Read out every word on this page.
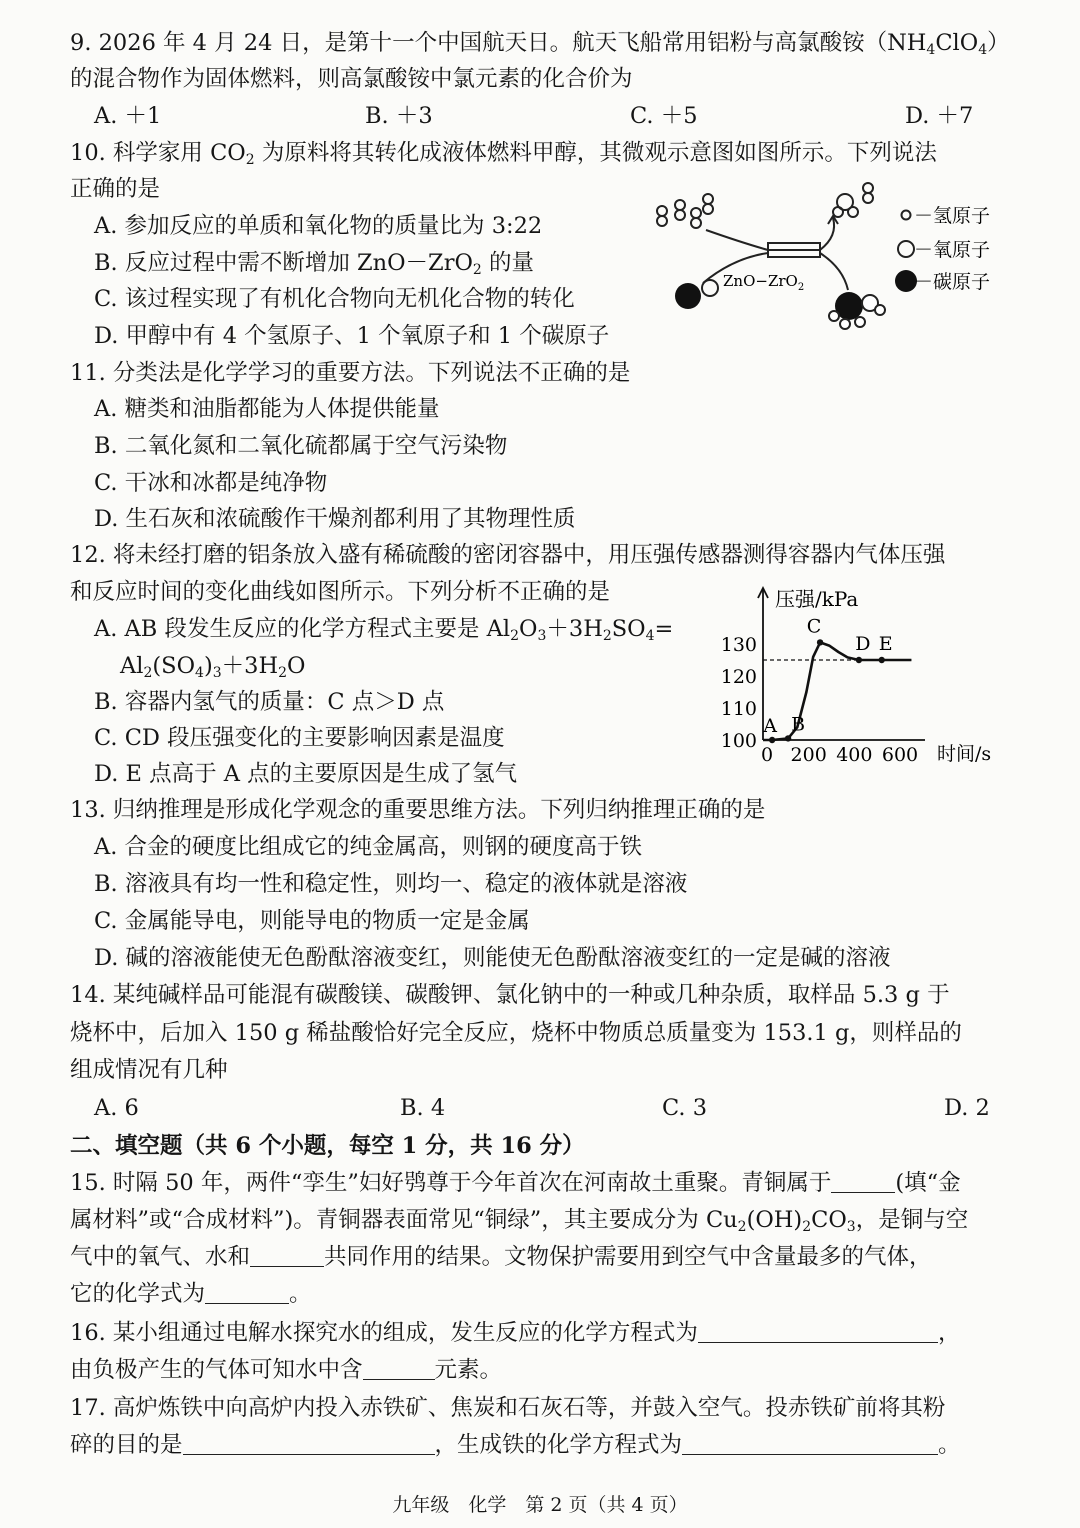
9. 2026 年 4 月 24 日，是第十一个中国航天日。航天飞船常用铝粉与高氯酸铵$(NH_4ClO_4)$
的混合物作为固体燃料，则高氯酸铵中氯元素的化合价为
A. ＋1	B. ＋3	C. ＋5	D. ＋7
10. 科学家用 $CO_2$ 为原料将其转化成液体燃料甲醇，其微观示意图如图所示。下列说法
正确的是
A. 参加反应的单质和氧化物的质量比为 3:22
B. 反应过程中需不断增加 ZnO－ZrO$_2$ 的量
C. 该过程实现了有机化合物向无机化合物的转化
D. 甲醇中有 4 个氢原子、1 个氧原子和 1 个碳原子
ZnO−ZrO$_2$
－氢原子
－氧原子
－碳原子
11. 分类法是化学学习的重要方法。下列说法不正确的是
A. 糖类和油脂都能为人体提供能量
B. 二氧化氮和二氧化硫都属于空气污染物
C. 干冰和冰都是纯净物
D. 生石灰和浓硫酸作干燥剂都利用了其物理性质
12. 将未经打磨的铝条放入盛有稀硫酸的密闭容器中，用压强传感器测得容器内气体压强
和反应时间的变化曲线如图所示。下列分析不正确的是
A. AB 段发生反应的化学方程式主要是 $Al_2O_3+3H_2SO_4=$
$Al_2(SO_4)_3+3H_2O$
B. 容器内氢气的质量：C 点＞D 点
C. CD 段压强变化的主要影响因素是温度
D. E 点高于 A 点的主要原因是生成了氢气
压强/kPa
时间/s
100
110
120
130
0 200 400 600
A B
C
D E
13. 归纳推理是形成化学观念的重要思维方法。下列归纳推理正确的是
A. 合金的硬度比组成它的纯金属高，则钢的硬度高于铁
B. 溶液具有均一性和稳定性，则均一、稳定的液体就是溶液
C. 金属能导电，则能导电的物质一定是金属
D. 碱的溶液能使无色酚酞溶液变红，则能使无色酚酞溶液变红的一定是碱的溶液
14. 某纯碱样品可能混有碳酸镁、碳酸钾、氯化钠中的一种或几种杂质，取样品 5.3 g 于
烧杯中，后加入 150 g 稀盐酸恰好完全反应，烧杯中物质总质量变为 153.1 g，则样品的
组成情况有几种
A. 6	B. 4	C. 3	D. 2
二、填空题（共 6 个小题，每空 1 分，共 16 分）
15. 时隔 50 年，两件“孪生”妇好鸮尊于今年首次在河南故土重聚。青铜属于	(填“金
属材料”或“合成材料”)。青铜器表面常见“铜绿”，其主要成分为 $Cu_2(OH)_2CO_3$，是铜与空
气中的氧气、水和	共同作用的结果。文物保护需要用到空气中含量最多的气体，
它的化学式为	。
16. 某小组通过电解水探究水的组成，发生反应的化学方程式为	，
由负极产生的气体可知水中含	元素。
17. 高炉炼铁中向高炉内投入赤铁矿、焦炭和石灰石等，并鼓入空气。投赤铁矿前将其粉
碎的目的是	，生成铁的化学方程式为	。
九年级　化学　第 2 页（共 4 页）
